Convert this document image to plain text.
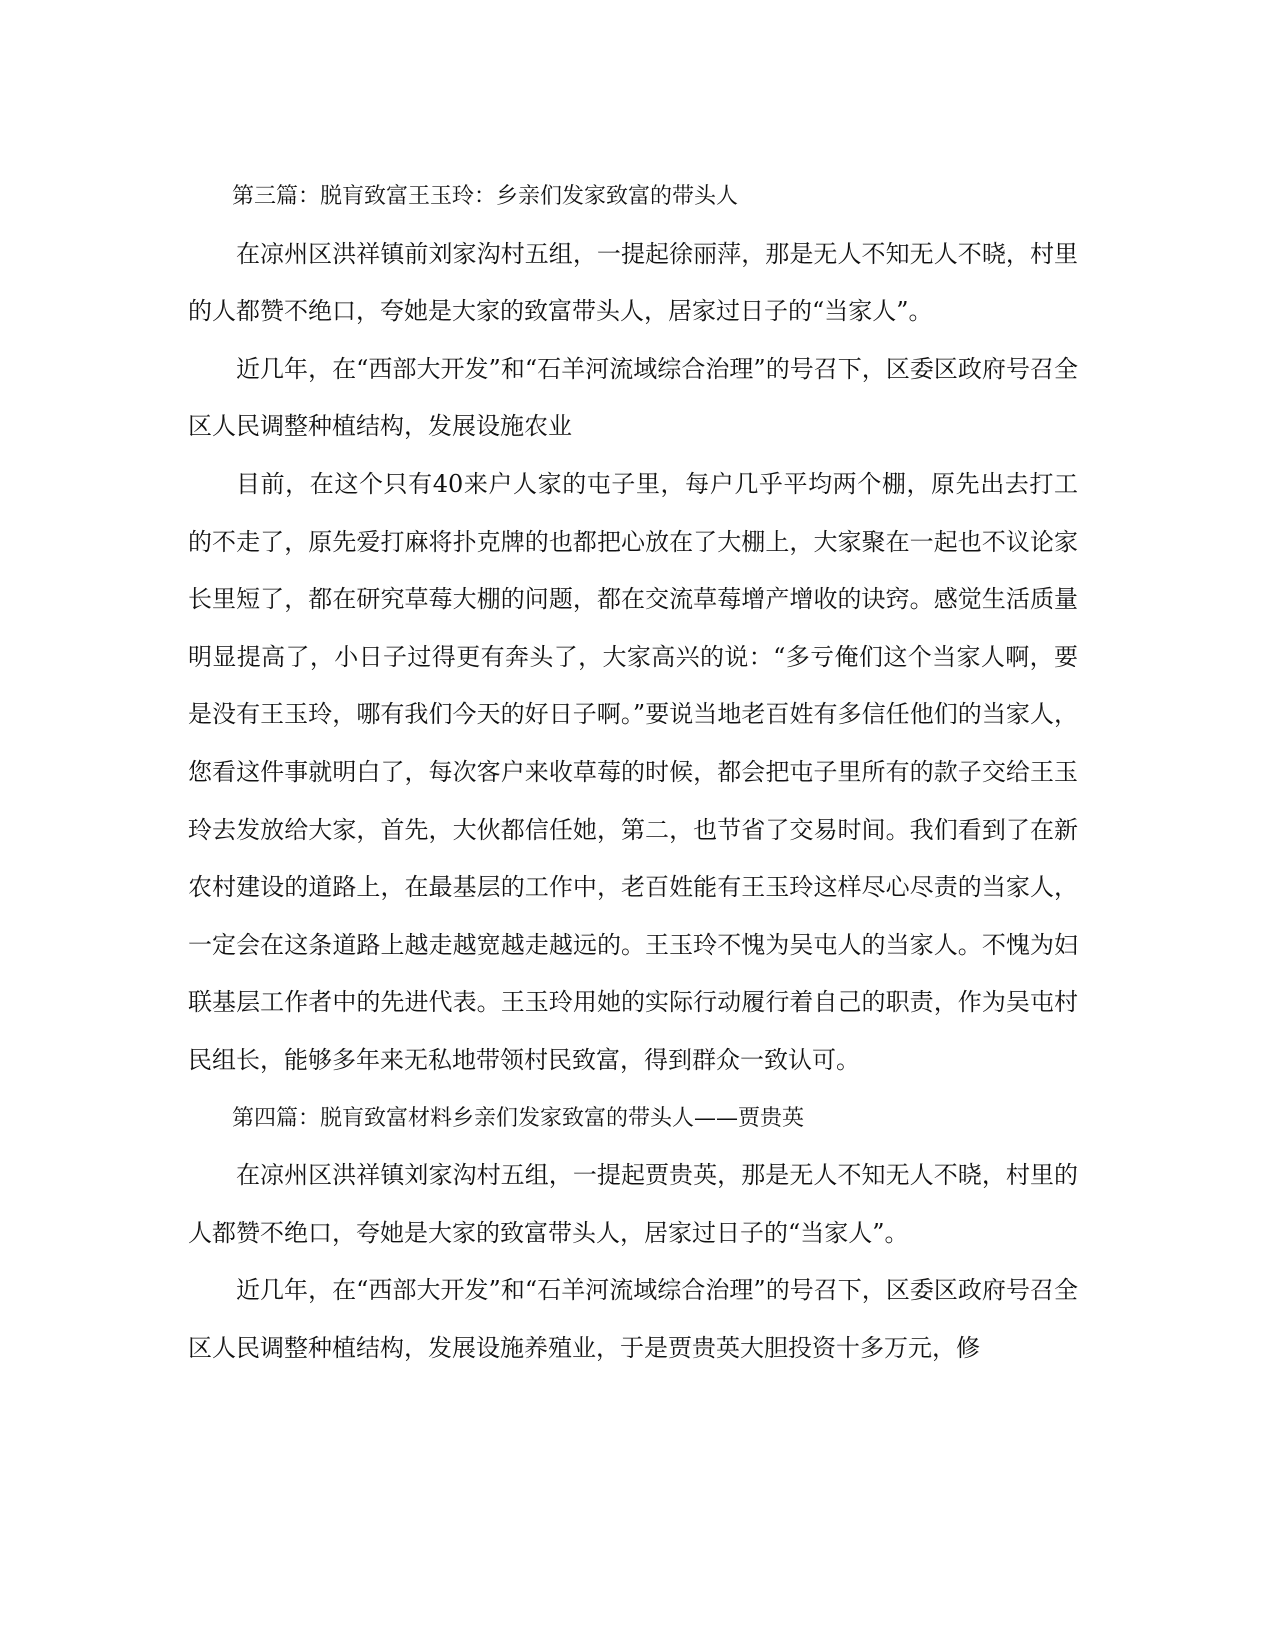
第三篇：脱肓致富王玉玲：乡亲们发家致富的带头人

在凉州区洪祥镇前刘家沟村五组，一提起徐丽萍，那是无人不知无人不晓，村里的人都赞不绝口，夸她是大家的致富带头人，居家过日子的“当家人”。

近几年，在“西部大开发”和“石羊河流域综合治理”的号召下，区委区政府号召全区人民调整种植结构，发展设施农业

目前，在这个只有40来户人家的屯子里，每户几乎平均两个棚，原先出去打工的不走了，原先爱打麻将扑克牌的也都把心放在了大棚上，大家聚在一起也不议论家长里短了，都在研究草莓大棚的问题，都在交流草莓增产增收的诀窍。感觉生活质量明显提高了，小日子过得更有奔头了，大家高兴的说：“多亏俺们这个当家人啊，要是没有王玉玲，哪有我们今天的好日子啊。”要说当地老百姓有多信任他们的当家人，您看这件事就明白了，每次客户来收草莓的时候，都会把屯子里所有的款子交给王玉玲去发放给大家，首先，大伙都信任她，第二，也节省了交易时间。我们看到了在新农村建设的道路上，在最基层的工作中，老百姓能有王玉玲这样尽心尽责的当家人，一定会在这条道路上越走越宽越走越远的。王玉玲不愧为吴屯人的当家人。不愧为妇联基层工作者中的先进代表。王玉玲用她的实际行动履行着自己的职责，作为吴屯村民组长，能够多年来无私地带领村民致富，得到群众一致认可。

第四篇：脱肓致富材料乡亲们发家致富的带头人——贾贵英

在凉州区洪祥镇刘家沟村五组，一提起贾贵英，那是无人不知无人不晓，村里的人都赞不绝口，夸她是大家的致富带头人，居家过日子的“当家人”。

近几年，在“西部大开发”和“石羊河流域综合治理”的号召下，区委区政府号召全区人民调整种植结构，发展设施养殖业，于是贾贵英大胆投资十多万元，修
